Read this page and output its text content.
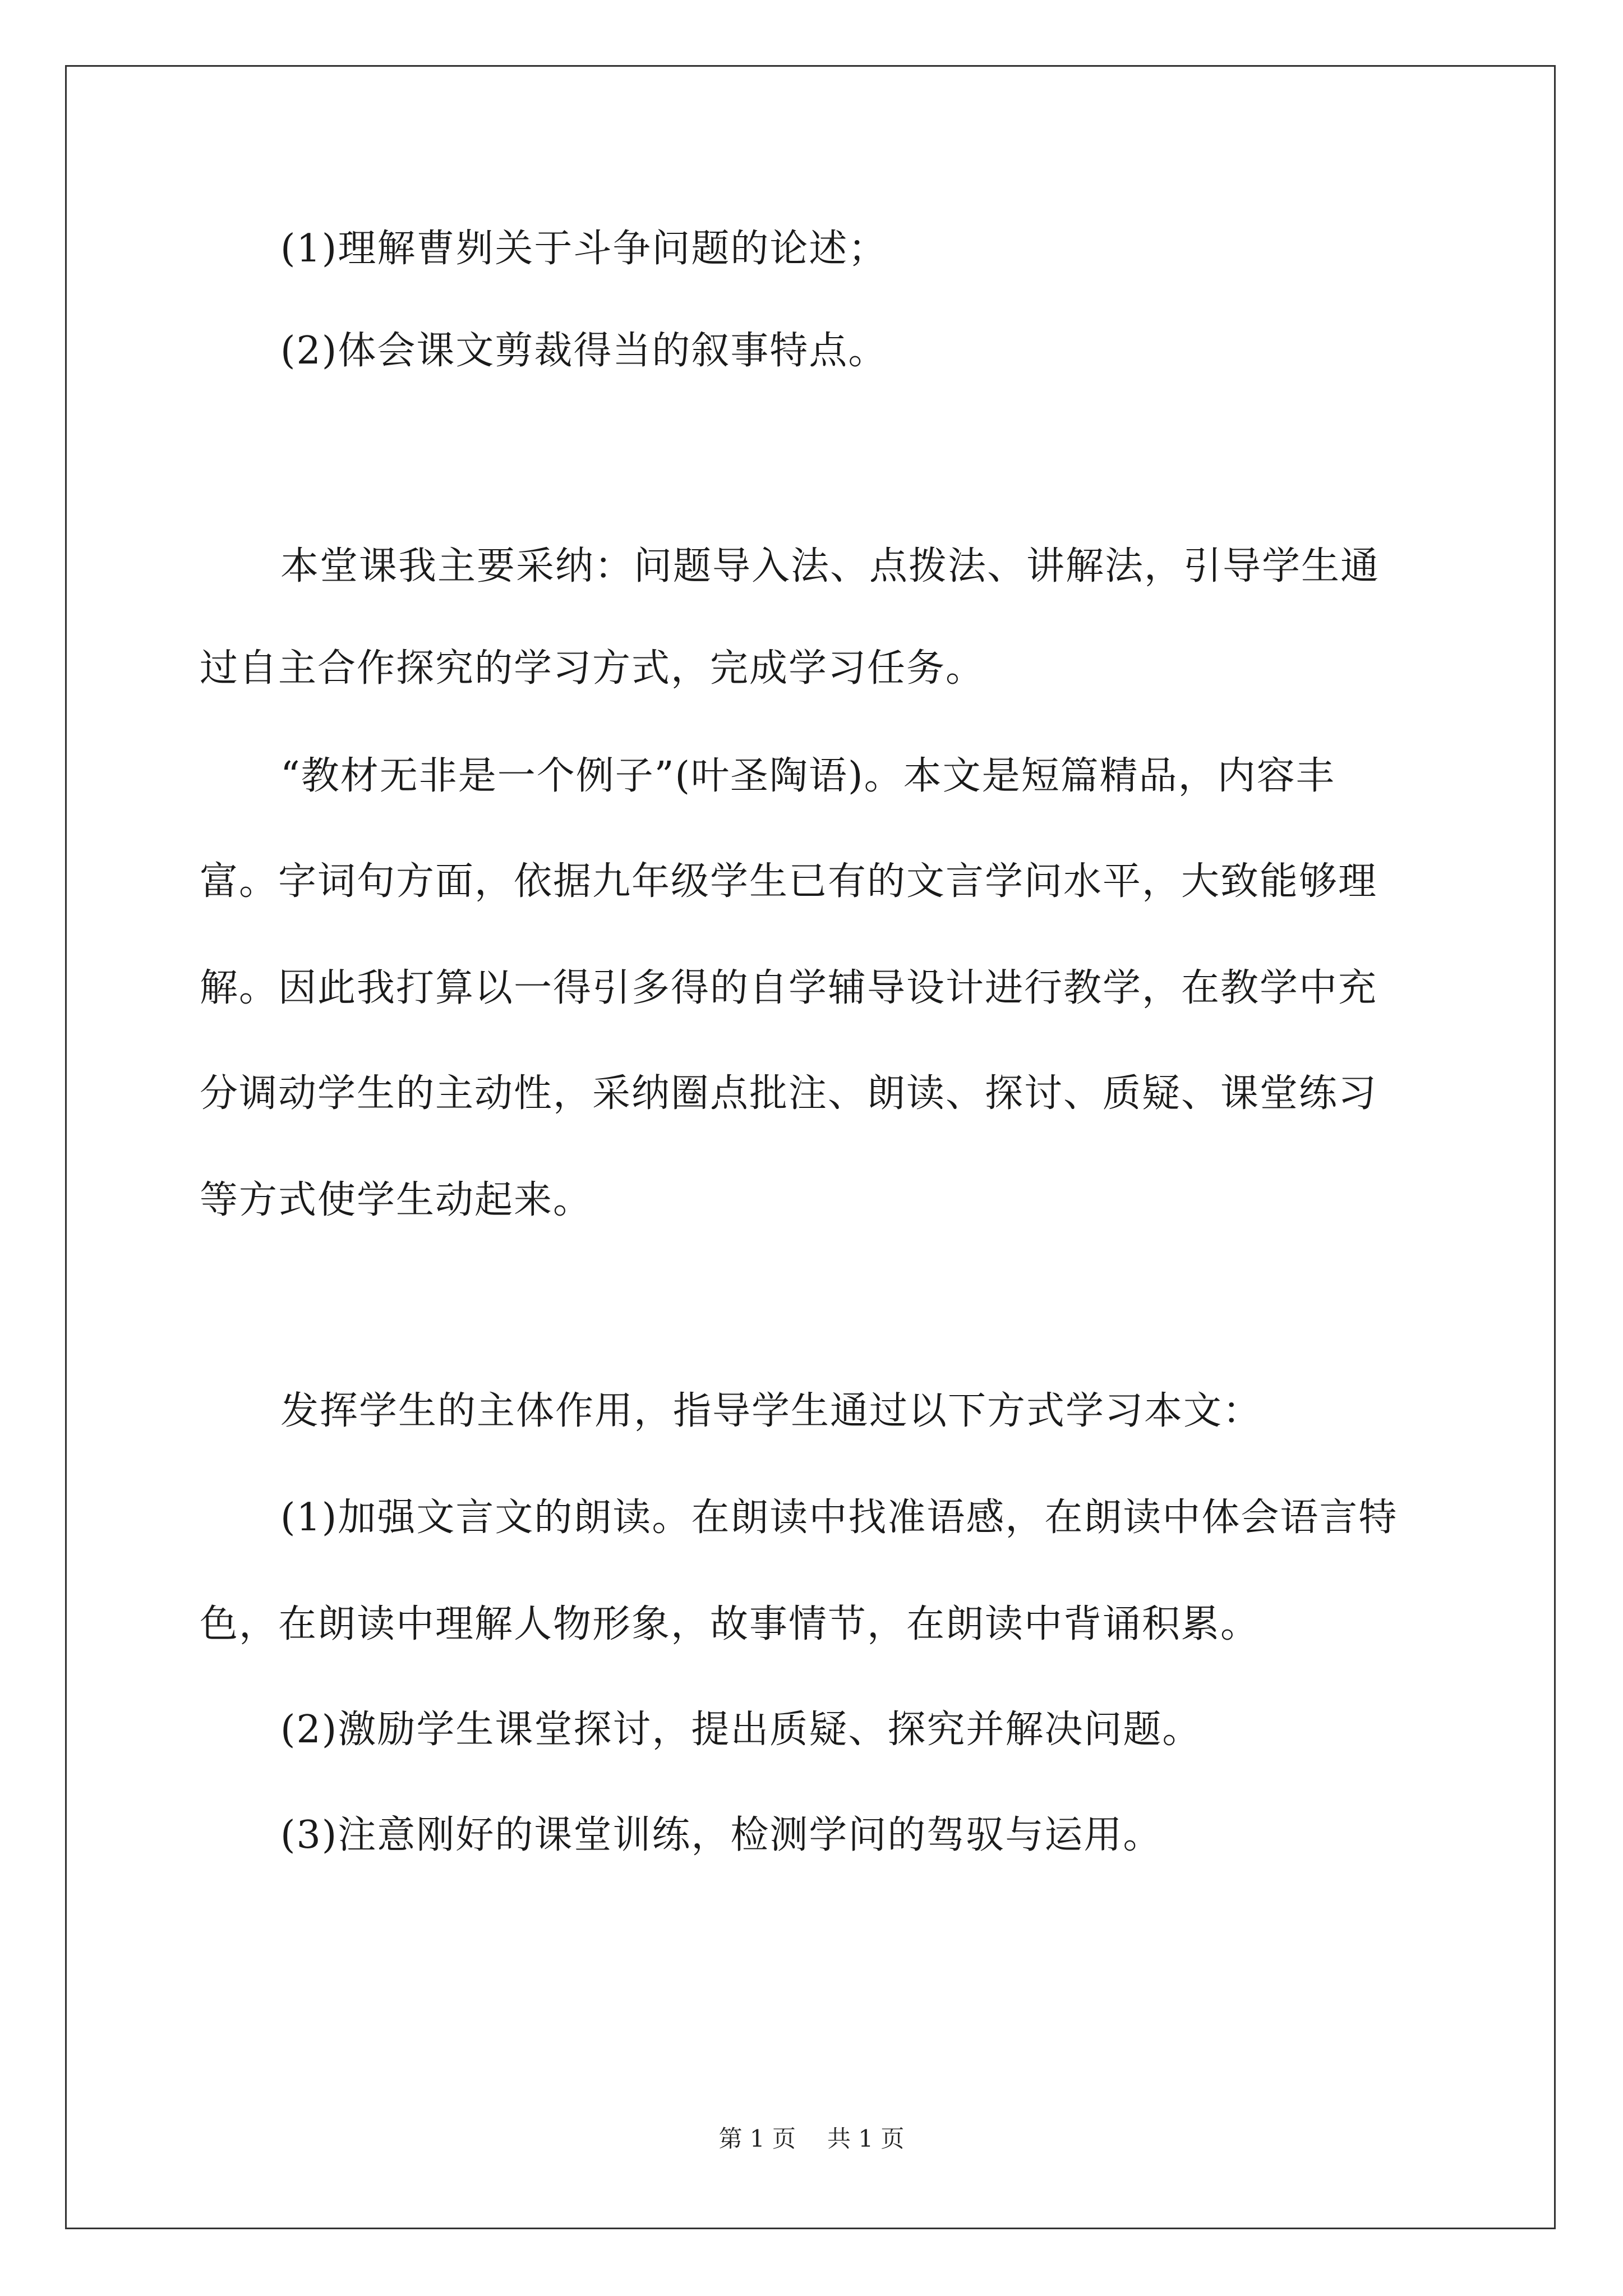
(1)理解曹刿关于斗争问题的论述；
(2)体会课文剪裁得当的叙事特点。
本堂课我主要采纳：问题导入法、点拨法、讲解法，引导学生通
过自主合作探究的学习方式，完成学习任务。
“教材无非是一个例子”(叶圣陶语)。本文是短篇精品，内容丰
富。字词句方面，依据九年级学生已有的文言学问水平，大致能够理
解。因此我打算以一得引多得的自学辅导设计进行教学，在教学中充
分调动学生的主动性，采纳圈点批注、朗读、探讨、质疑、课堂练习
等方式使学生动起来。
发挥学生的主体作用，指导学生通过以下方式学习本文：
(1)加强文言文的朗读。在朗读中找准语感，在朗读中体会语言特
色，在朗读中理解人物形象，故事情节，在朗读中背诵积累。
(2)激励学生课堂探讨，提出质疑、探究并解决问题。
(3)注意刚好的课堂训练，检测学问的驾驭与运用。
第 1 页 共 1 页
